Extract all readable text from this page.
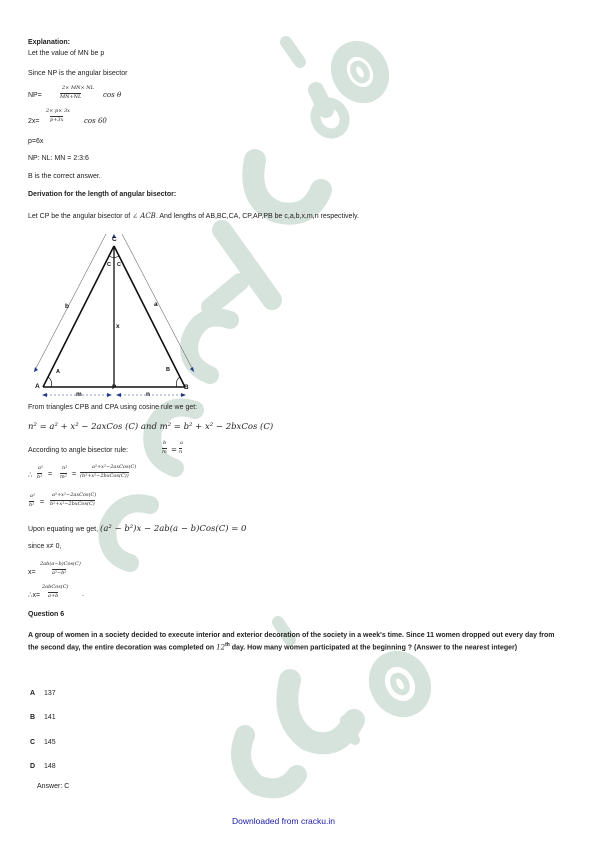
Explanation:
Let the value of MN be p
Since NP is the angular bisector
NP=
2× MN× NL
MN+NL	cos θ
2x=
2× p× 3x
p+3x	cos 60
p=6x
NP: NL: MN = 2:3:6
B is the correct answer.
Derivation for the length of angular bisector:
Let CP be the angular bisector of ∠ ACB. And lengths of AB,BC,CA, CP,AP,PB be c,a,b,x,m,n respectively.
C
A	B
P
C C
A	B
a
b
x
m	n
From triangles CPB and CPA using cosine rule we get:
n² = a² + x² − 2axCos (C) and m² = b² + x² − 2bxCos (C)
According to angle bisector rule:
b
m =
a
n
∴
a²
b² =
n²
m² =
a²+x²−2axCos(C)
(b²+x²−2bxCos(C))
a²
b² =
a²+x²−2axCos(C)
b²+x²−2bxCos(C)
Upon equating we get, (a² − b²)x − 2ab(a − b)Cos(C) = 0
since x≠ 0,
x=
2ab(a−b)Cos(C)
a²−b²
∴x=
2abCos(C)
a+b	.
Question 6
A group of women in a society decided to execute interior and exterior decoration of the society in a week's time. Since 11 women dropped out every day from the second day, the entire decoration was completed on 12th day. How many women participated at the beginning ? (Answer to the nearest integer)
A 137
B 141
C 145
D 148
Answer: C
Downloaded from cracku.in
